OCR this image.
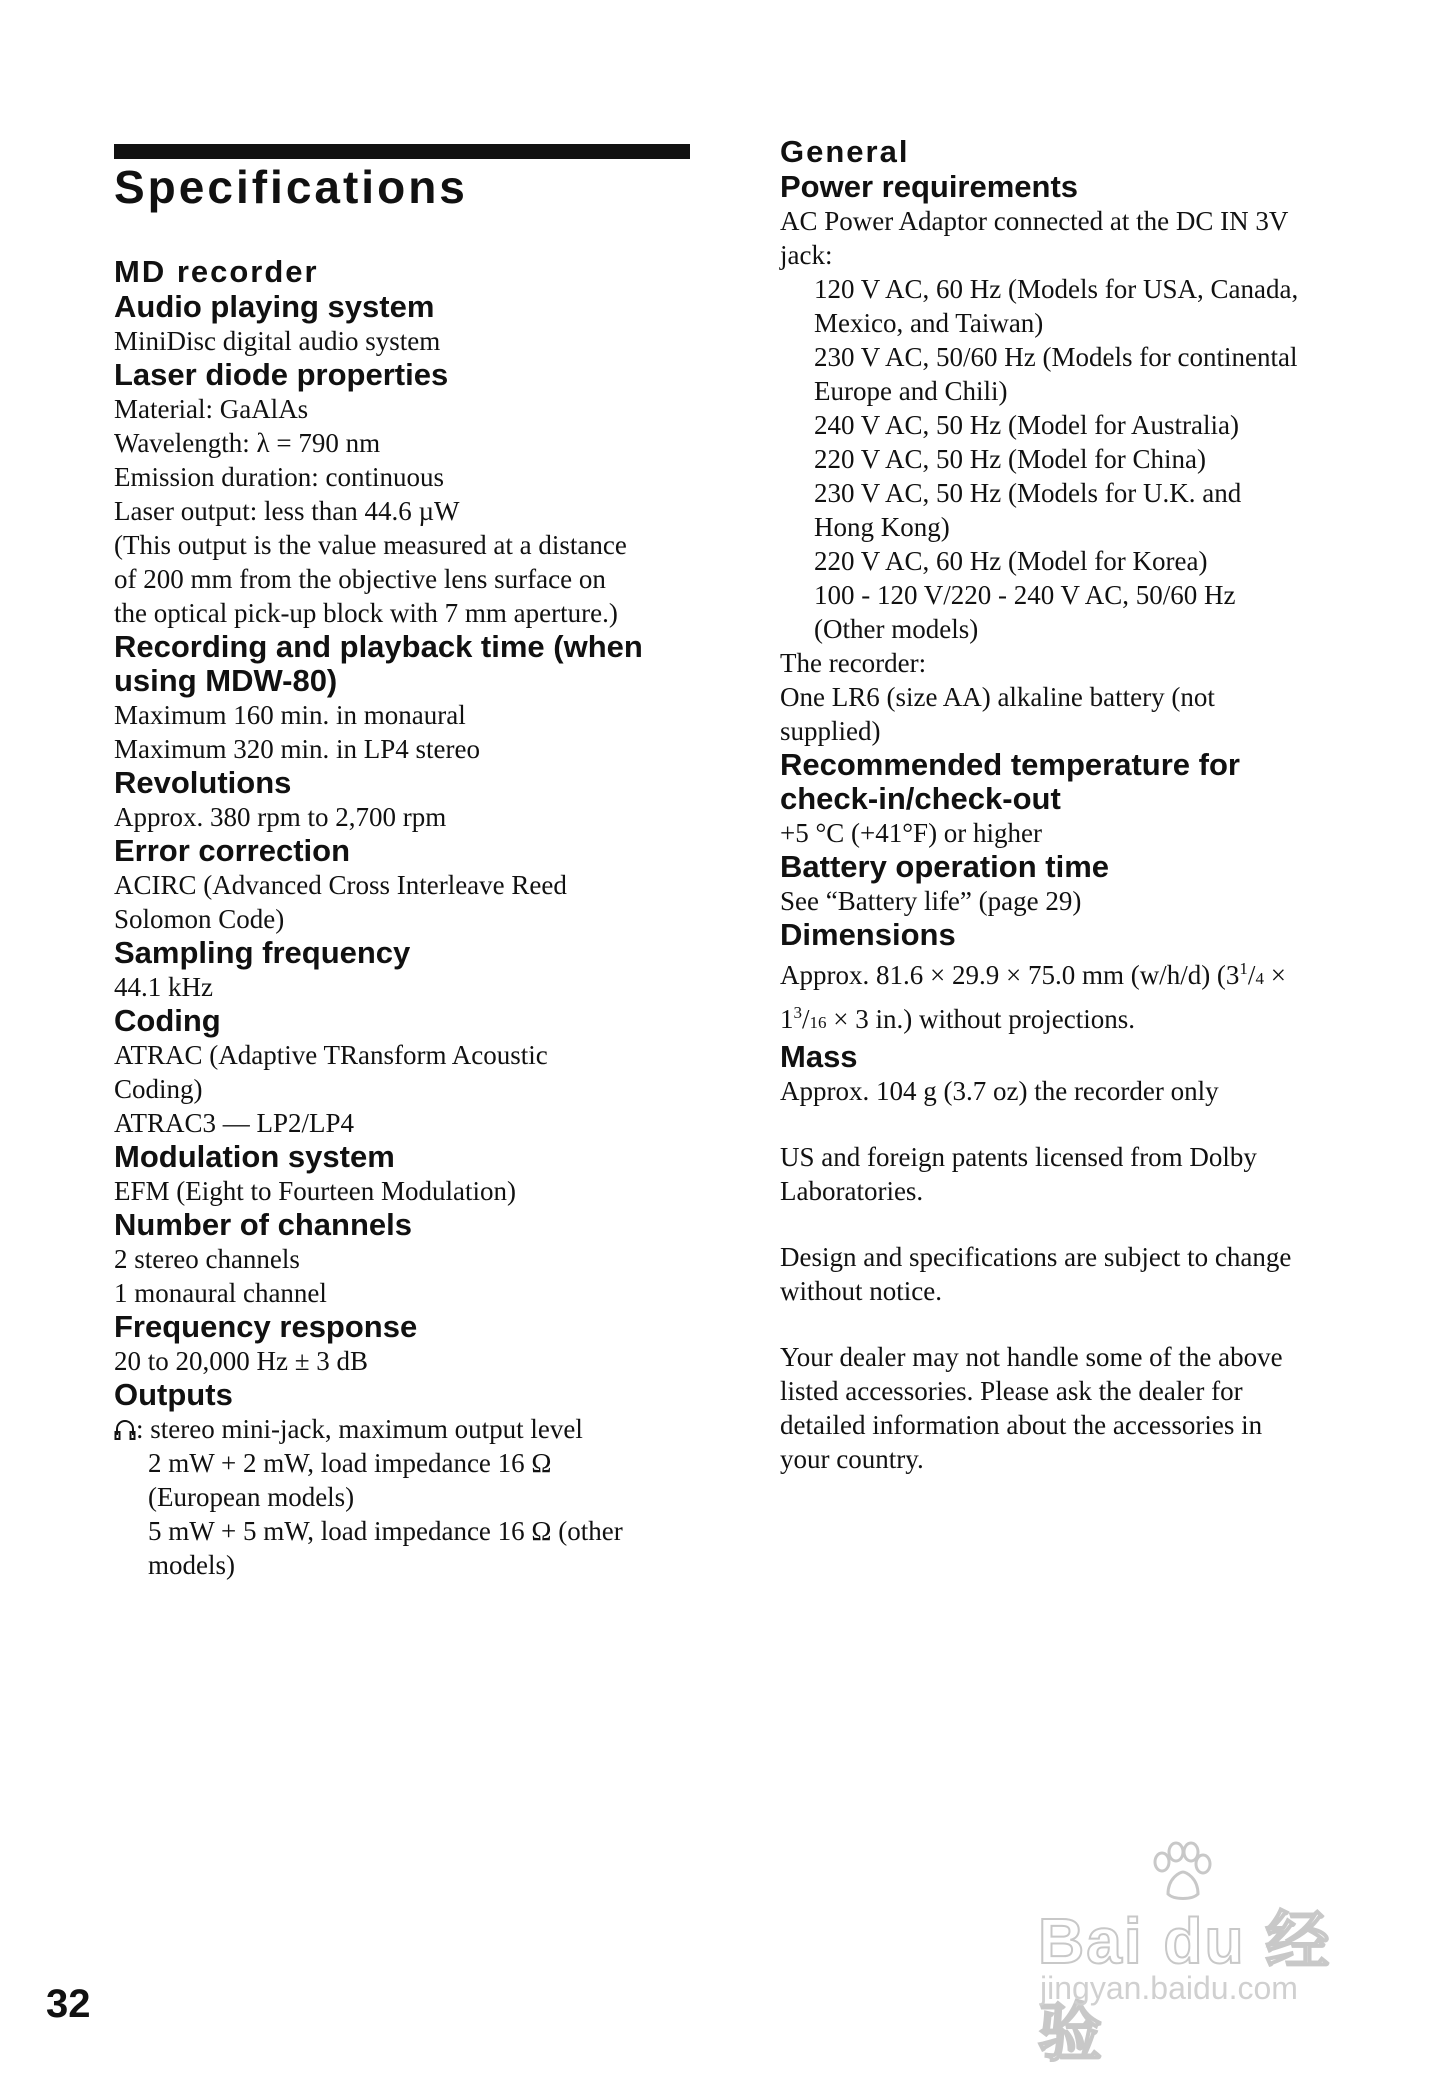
Specifications

MD recorder

Audio playing system

MiniDisc digital audio system

Laser diode properties

Material: GaAlAs

Wavelength: λ = 790 nm

Emission duration: continuous

Laser output: less than 44.6 µW

(This output is the value measured at a distance

of 200 mm from the objective lens surface on

the optical pick-up block with 7 mm aperture.)

Recording and playback time (when

using MDW-80)

Maximum 160 min. in monaural

Maximum 320 min. in LP4 stereo

Revolutions

Approx. 380 rpm to 2,700 rpm

Error correction

ACIRC (Advanced Cross Interleave Reed

Solomon Code)

Sampling frequency

44.1 kHz

Coding

ATRAC (Adaptive TRansform Acoustic

Coding)

ATRAC3 — LP2/LP4

Modulation system

EFM (Eight to Fourteen Modulation)

Number of channels

2 stereo channels

1 monaural channel

Frequency response

20 to 20,000 Hz ± 3 dB

Outputs

: stereo mini-jack, maximum output level

2 mW + 2 mW, load impedance 16 Ω

(European models)

5 mW + 5 mW, load impedance 16 Ω (other

models)

General

Power requirements

AC Power Adaptor connected at the DC IN 3V

jack:

120 V AC, 60 Hz (Models for USA, Canada,

Mexico, and Taiwan)

230 V AC, 50/60 Hz (Models for continental

Europe and Chili)

240 V AC, 50 Hz (Model for Australia)

220 V AC, 50 Hz (Model for China)

230 V AC, 50 Hz (Models for U.K. and

Hong Kong)

220 V AC, 60 Hz (Model for Korea)

100 - 120 V/220 - 240 V AC, 50/60 Hz

(Other models)

The recorder:

One LR6 (size AA) alkaline battery (not

supplied)

Recommended temperature for

check-in/check-out

+5 °C (+41°F) or higher

Battery operation time

See “Battery life” (page 29)

Dimensions

Approx. 81.6 × 29.9 × 75.0 mm (w/h/d) ($3^1/4$ ×

$1^3/16 \times 3$ in.) without projections.

Mass

Approx. 104 g (3.7 oz) the recorder only

US and foreign patents licensed from Dolby

Laboratories.

Design and specifications are subject to change

without notice.

Your dealer may not handle some of the above

listed accessories. Please ask the dealer for

detailed information about the accessories in

your country.

32
Bai du 经验
jingyan.baidu.com
